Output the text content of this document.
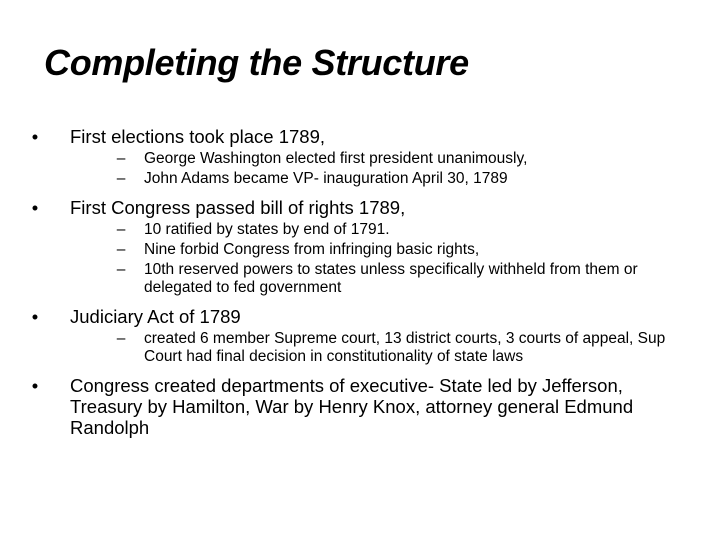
Completing the Structure
• First elections took place 1789,
– George Washington elected first president unanimously,
– John Adams became VP- inauguration April 30, 1789
• First Congress passed bill of rights 1789,
– 10 ratified by states by end of 1791.
– Nine forbid Congress from infringing basic rights,
– 10th reserved powers to states unless specifically withheld from them or delegated to fed government
• Judiciary Act of 1789
– created 6 member Supreme court, 13 district courts, 3 courts of appeal, Sup Court had final decision in constitutionality of state laws
• Congress created departments of executive- State led by Jefferson, Treasury by Hamilton, War by Henry Knox, attorney general Edmund Randolph
